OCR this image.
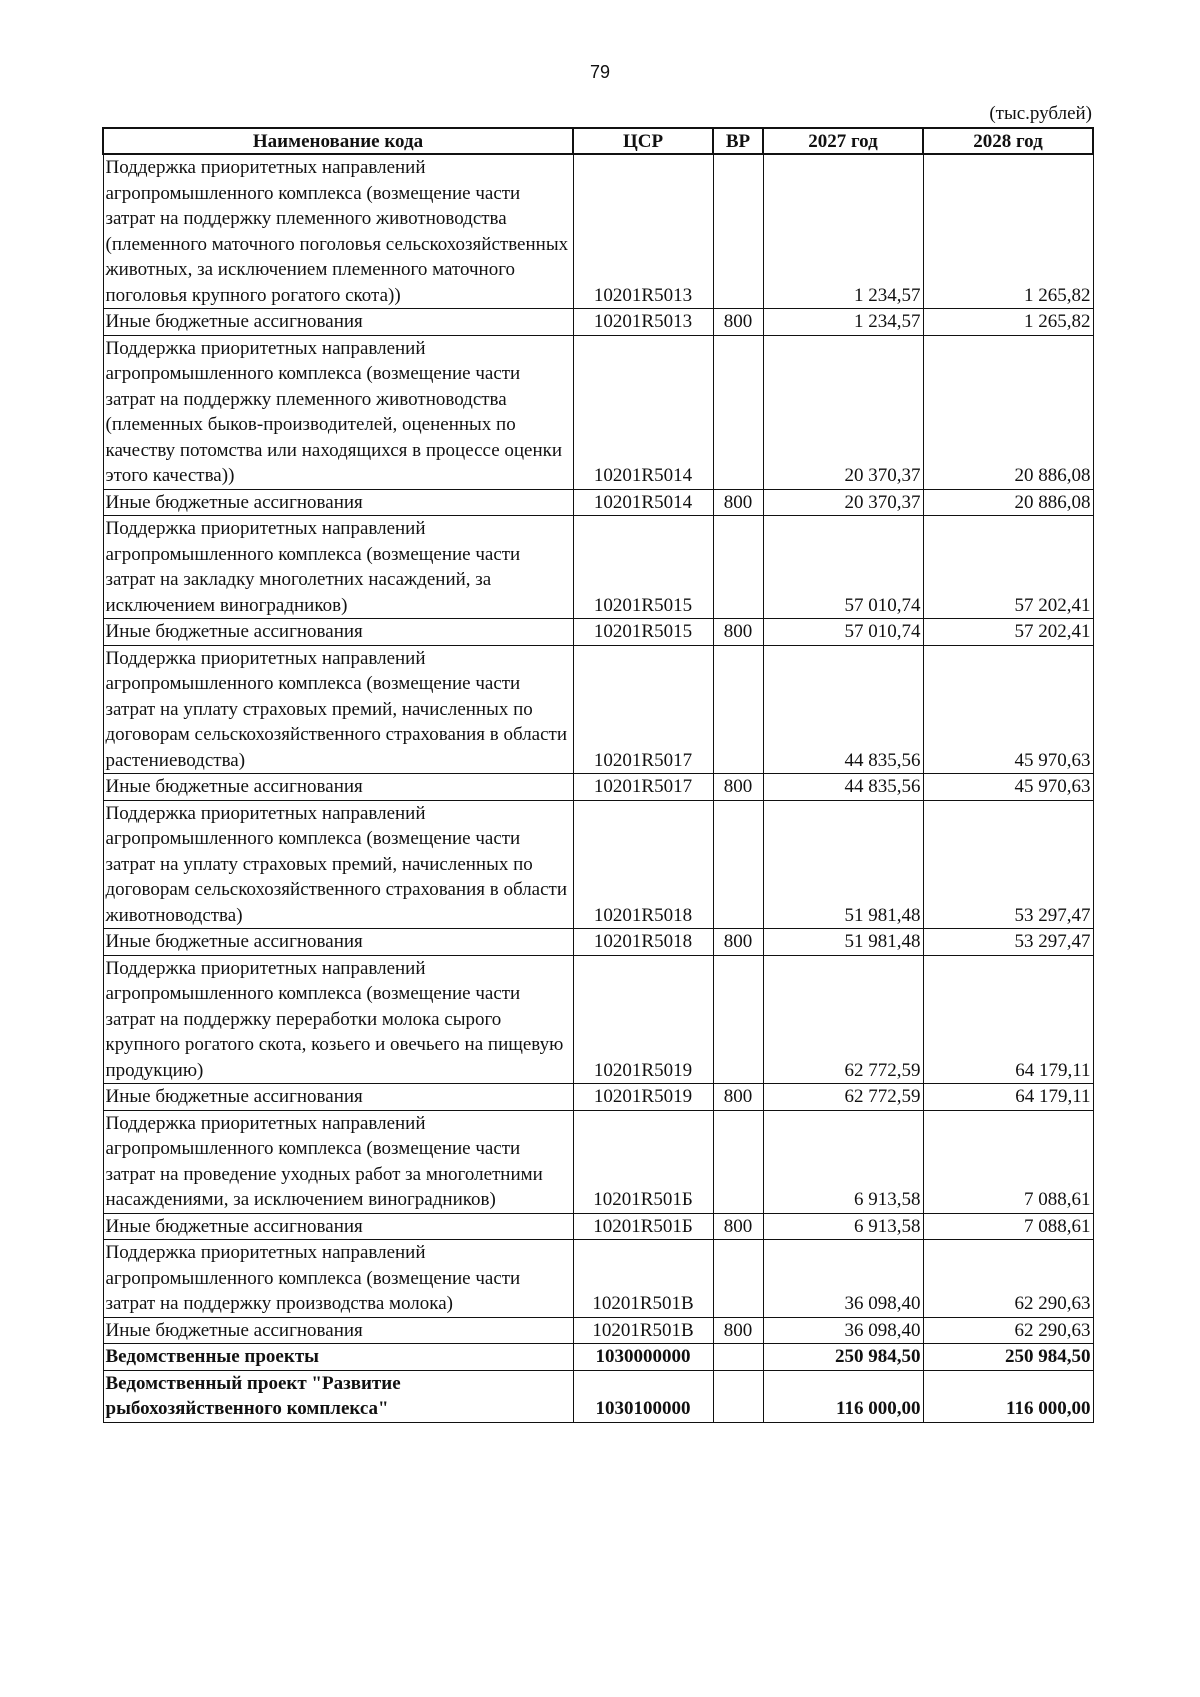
79
(тыс.рублей)
Наименование кода	ЦСР	ВР	2027 год	2028 год
Поддержка приоритетных направлений агропромышленного комплекса (возмещение части затрат на поддержку племенного животноводства (племенного маточного поголовья сельскохозяйственных животных, за исключением племенного маточного поголовья крупного рогатого скота))	10201R5013		1 234,57	1 265,82
Иные бюджетные ассигнования	10201R5013	800	1 234,57	1 265,82
Поддержка приоритетных направлений агропромышленного комплекса (возмещение части затрат на поддержку племенного животноводства (племенных быков-производителей, оцененных по качеству потомства или находящихся в процессе оценки этого качества))	10201R5014		20 370,37	20 886,08
Иные бюджетные ассигнования	10201R5014	800	20 370,37	20 886,08
Поддержка приоритетных направлений агропромышленного комплекса (возмещение части затрат на закладку многолетних насаждений, за исключением виноградников)	10201R5015		57 010,74	57 202,41
Иные бюджетные ассигнования	10201R5015	800	57 010,74	57 202,41
Поддержка приоритетных направлений агропромышленного комплекса (возмещение части затрат на уплату страховых премий, начисленных по договорам сельскохозяйственного страхования в области растениеводства)	10201R5017		44 835,56	45 970,63
Иные бюджетные ассигнования	10201R5017	800	44 835,56	45 970,63
Поддержка приоритетных направлений агропромышленного комплекса (возмещение части затрат на уплату страховых премий, начисленных по договорам сельскохозяйственного страхования в области животноводства)	10201R5018		51 981,48	53 297,47
Иные бюджетные ассигнования	10201R5018	800	51 981,48	53 297,47
Поддержка приоритетных направлений агропромышленного комплекса (возмещение части затрат на поддержку переработки молока сырого крупного рогатого скота, козьего и овечьего на пищевую продукцию)	10201R5019		62 772,59	64 179,11
Иные бюджетные ассигнования	10201R5019	800	62 772,59	64 179,11
Поддержка приоритетных направлений агропромышленного комплекса (возмещение части затрат на проведение уходных работ за многолетними насаждениями, за исключением виноградников)	10201R501Б		6 913,58	7 088,61
Иные бюджетные ассигнования	10201R501Б	800	6 913,58	7 088,61
Поддержка приоритетных направлений агропромышленного комплекса (возмещение части затрат на поддержку производства молока)	10201R501В		36 098,40	62 290,63
Иные бюджетные ассигнования	10201R501В	800	36 098,40	62 290,63
Ведомственные проекты	1030000000		250 984,50	250 984,50
Ведомственный проект "Развитие рыбохозяйственного комплекса"	1030100000		116 000,00	116 000,00
